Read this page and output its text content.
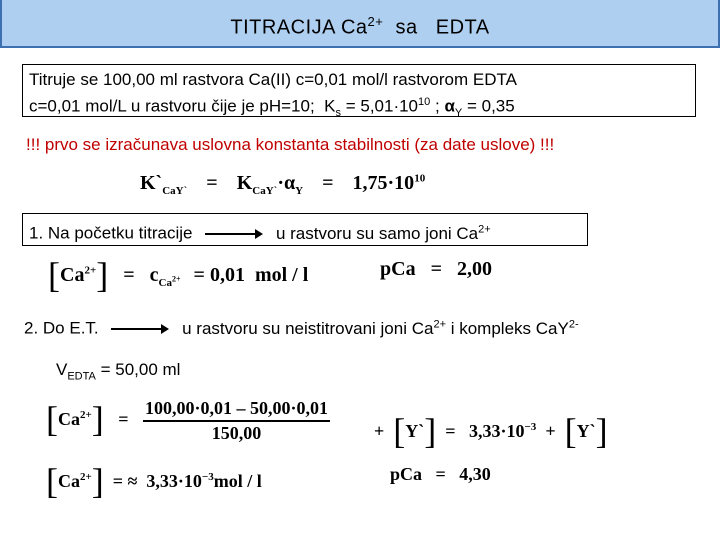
TITRACIJA $Ca^{2+}$  sa   EDTA
Titruje se 100,00 ml rastvora Ca(II) c=0,01 mol/l rastvorom EDTA
c=0,01 mol/L u rastvoru čije je pH=10;  $K_s = 5,01\cdot 10^{10}$ ; $\alpha_Y = 0,35$
!!! prvo se izračunava uslovna konstanta stabilnosti (za date uslove) !!!
$K`_{CaY`} = K_{CaY`}\cdot\alpha_Y = 1,75\cdot 10^{10}$
1. Na početku titracije	u rastvoru su samo joni $Ca^{2+}$
$[Ca^{2+}] = c_{Ca^{2+}} = 0,01$  mol / l	pCa =   2,00
2. Do E.T.	u rastvoru su neistitrovani joni $Ca^{2+}$ i kompleks CaY$^{2-}$
$V_{EDTA} = 50,00$ ml
$[Ca^{2+}] = \frac{100,00\cdot 0,01 - 50,00\cdot 0,01}{150,00}$ + [Y`] =   $3,33\cdot 10^{-3}$ + [Y`]
$[Ca^{2+}]$ = ≈ $3,33\cdot 10^{-3}mol / l$	pCa =   4,30
